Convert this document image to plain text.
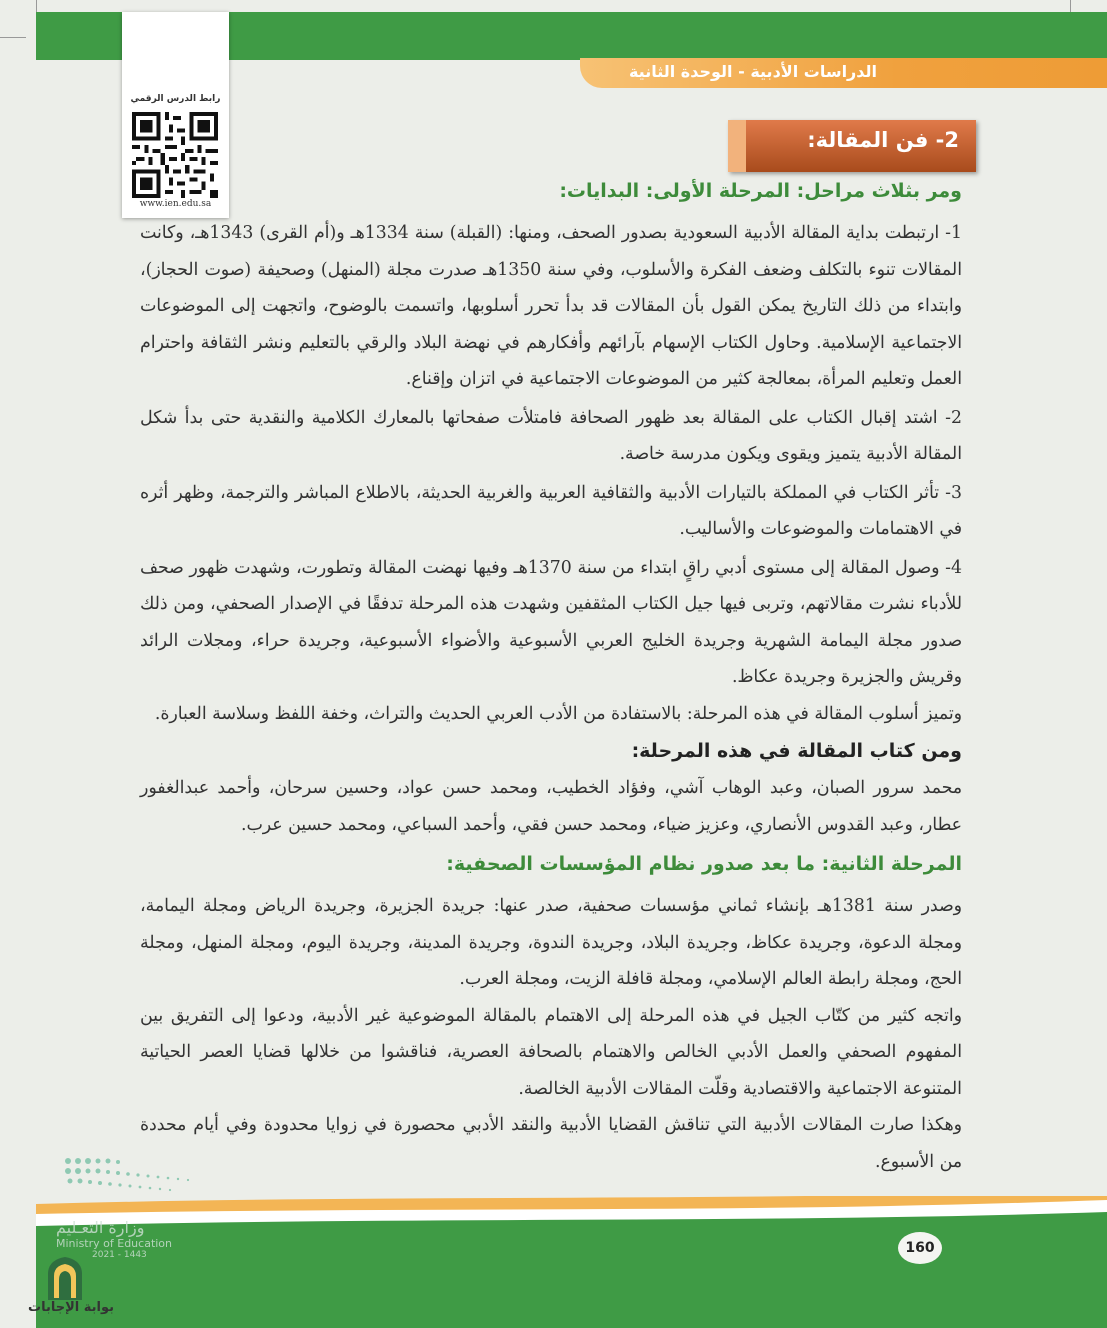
الدراسات الأدبية - الوحدة الثانية
رابط الدرس الرقمي
www.ien.edu.sa
2- فن المقالة:

ومر بثلاث مراحل: المرحلة الأولى: البدايات:

1- ارتبطت بداية المقالة الأدبية السعودية بصدور الصحف، ومنها: (القبلة) سنة 1334هـ و(أم القرى) 1343هـ، وكانت المقالات تنوء بالتكلف وضعف الفكرة والأسلوب، وفي سنة 1350هـ صدرت مجلة (المنهل) وصحيفة (صوت الحجاز)، وابتداء من ذلك التاريخ يمكن القول بأن المقالات قد بدأ تحرر أسلوبها، واتسمت بالوضوح، واتجهت إلى الموضوعات الاجتماعية الإسلامية. وحاول الكتاب الإسهام بآرائهم وأفكارهم في نهضة البلاد والرقي بالتعليم ونشر الثقافة واحترام العمل وتعليم المرأة، بمعالجة كثير من الموضوعات الاجتماعية في اتزان وإقناع.

2- اشتد إقبال الكتاب على المقالة بعد ظهور الصحافة فامتلأت صفحاتها بالمعارك الكلامية والنقدية حتى بدأ شكل المقالة الأدبية يتميز ويقوى ويكون مدرسة خاصة.

3- تأثر الكتاب في المملكة بالتيارات الأدبية والثقافية العربية والغربية الحديثة، بالاطلاع المباشر والترجمة، وظهر أثره في الاهتمامات والموضوعات والأساليب.

4- وصول المقالة إلى مستوى أدبي راقٍ ابتداء من سنة 1370هـ وفيها نهضت المقالة وتطورت، وشهدت ظهور صحف للأدباء نشرت مقالاتهم، وتربى فيها جيل الكتاب المثقفين وشهدت هذه المرحلة تدفقًا في الإصدار الصحفي، ومن ذلك صدور مجلة اليمامة الشهرية وجريدة الخليج العربي الأسبوعية والأضواء الأسبوعية، وجريدة حراء، ومجلات الرائد وقريش والجزيرة وجريدة عكاظ.

وتميز أسلوب المقالة في هذه المرحلة: بالاستفادة من الأدب العربي الحديث والتراث، وخفة اللفظ وسلاسة العبارة.

ومن كتاب المقالة في هذه المرحلة:

محمد سرور الصبان، وعبد الوهاب آشي، وفؤاد الخطيب، ومحمد حسن عواد، وحسين سرحان، وأحمد عبدالغفور عطار، وعبد القدوس الأنصاري، وعزيز ضياء، ومحمد حسن فقي، وأحمد السباعي، ومحمد حسين عرب.

المرحلة الثانية: ما بعد صدور نظام المؤسسات الصحفية:

وصدر سنة 1381هـ بإنشاء ثماني مؤسسات صحفية، صدر عنها: جريدة الجزيرة، وجريدة الرياض ومجلة اليمامة، ومجلة الدعوة، وجريدة عكاظ، وجريدة البلاد، وجريدة الندوة، وجريدة المدينة، وجريدة اليوم، ومجلة المنهل، ومجلة الحج، ومجلة رابطة العالم الإسلامي، ومجلة قافلة الزيت، ومجلة العرب.

واتجه كثير من كتّاب الجيل في هذه المرحلة إلى الاهتمام بالمقالة الموضوعية غير الأدبية، ودعوا إلى التفريق بين المفهوم الصحفي والعمل الأدبي الخالص والاهتمام بالصحافة العصرية، فناقشوا من خلالها قضايا العصر الحياتية المتنوعة الاجتماعية والاقتصادية وقلّت المقالات الأدبية الخالصة.

وهكذا صارت المقالات الأدبية التي تناقش القضايا الأدبية والنقد الأدبي محصورة في زوايا محدودة وفي أيام محددة من الأسبوع.

160
وزارة التعـليم
Ministry of Education
2021 - 1443
بوابة الإجابات
